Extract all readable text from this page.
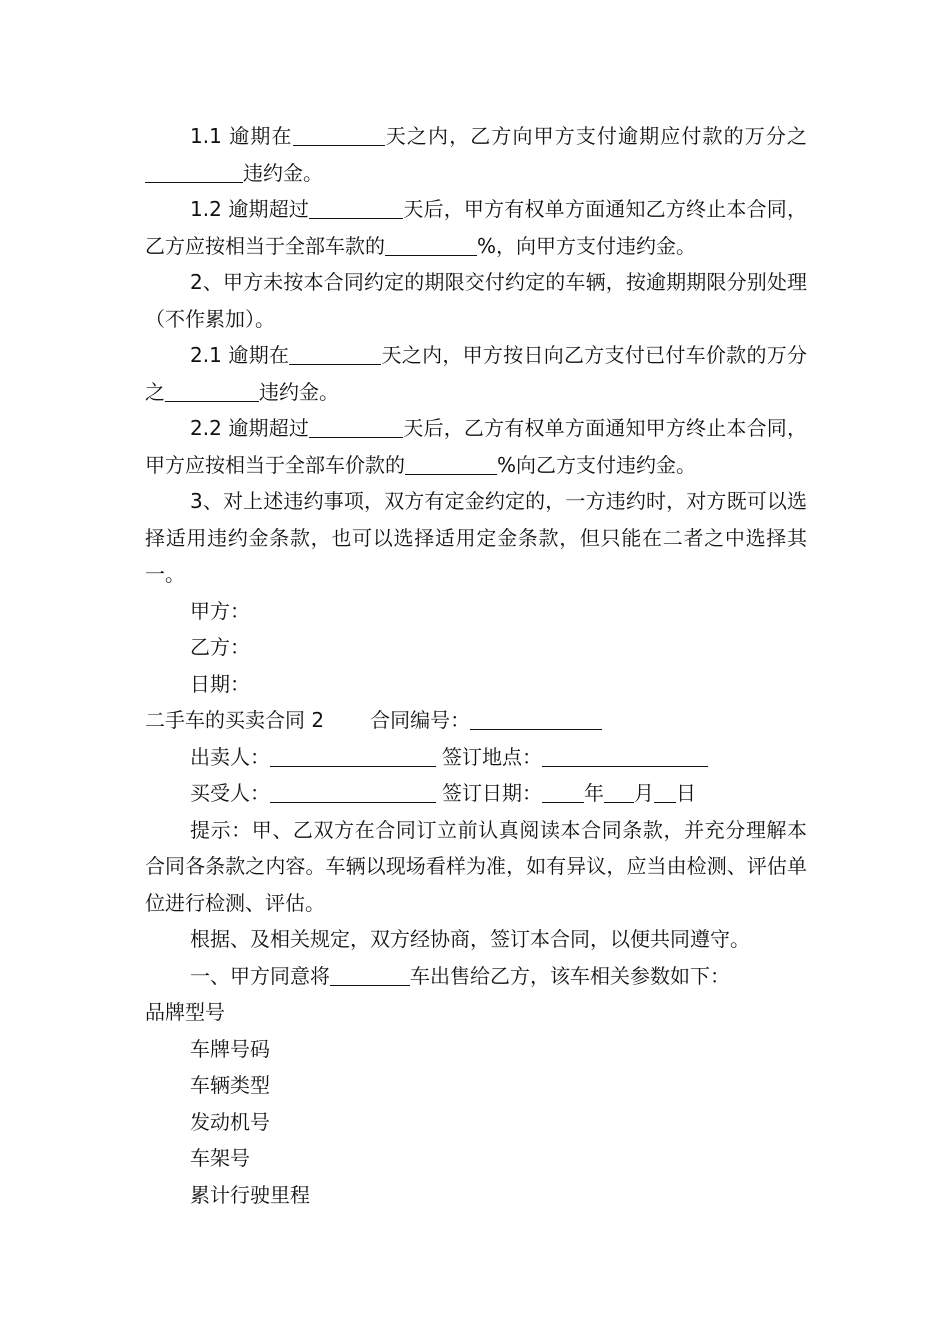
1.1 逾期在	天之内，乙方向甲方支付逾期应付款的万分之违约金。

1.2 逾期超过	天后，甲方有权单方面通知乙方终止本合同，乙方应按相当于全部车款的	%，向甲方支付违约金。

2、甲方未按本合同约定的期限交付约定的车辆，按逾期期限分别处理（不作累加）。

2.1 逾期在	天之内，甲方按日向乙方支付已付车价款的万分之	违约金。

2.2 逾期超过	天后，乙方有权单方面通知甲方终止本合同，甲方应按相当于全部车价款的	%向乙方支付违约金。

3、对上述违约事项，双方有定金约定的，一方违约时，对方既可以选择适用违约金条款，也可以选择适用定金条款，但只能在二者之中选择其一。

甲方：

乙方：

日期：

二手车的买卖合同 2 合同编号：

出卖人：	签订地点：

买受人：	签订日期： 年 月 日

提示：甲、乙双方在合同订立前认真阅读本合同条款，并充分理解本合同各条款之内容。车辆以现场看样为准，如有异议，应当由检测、评估单位进行检测、评估。

根据、及相关规定，双方经协商，签订本合同，以便共同遵守。

一、甲方同意将	车出售给乙方，该车相关参数如下：

品牌型号

车牌号码

车辆类型

发动机号

车架号

累计行驶里程
